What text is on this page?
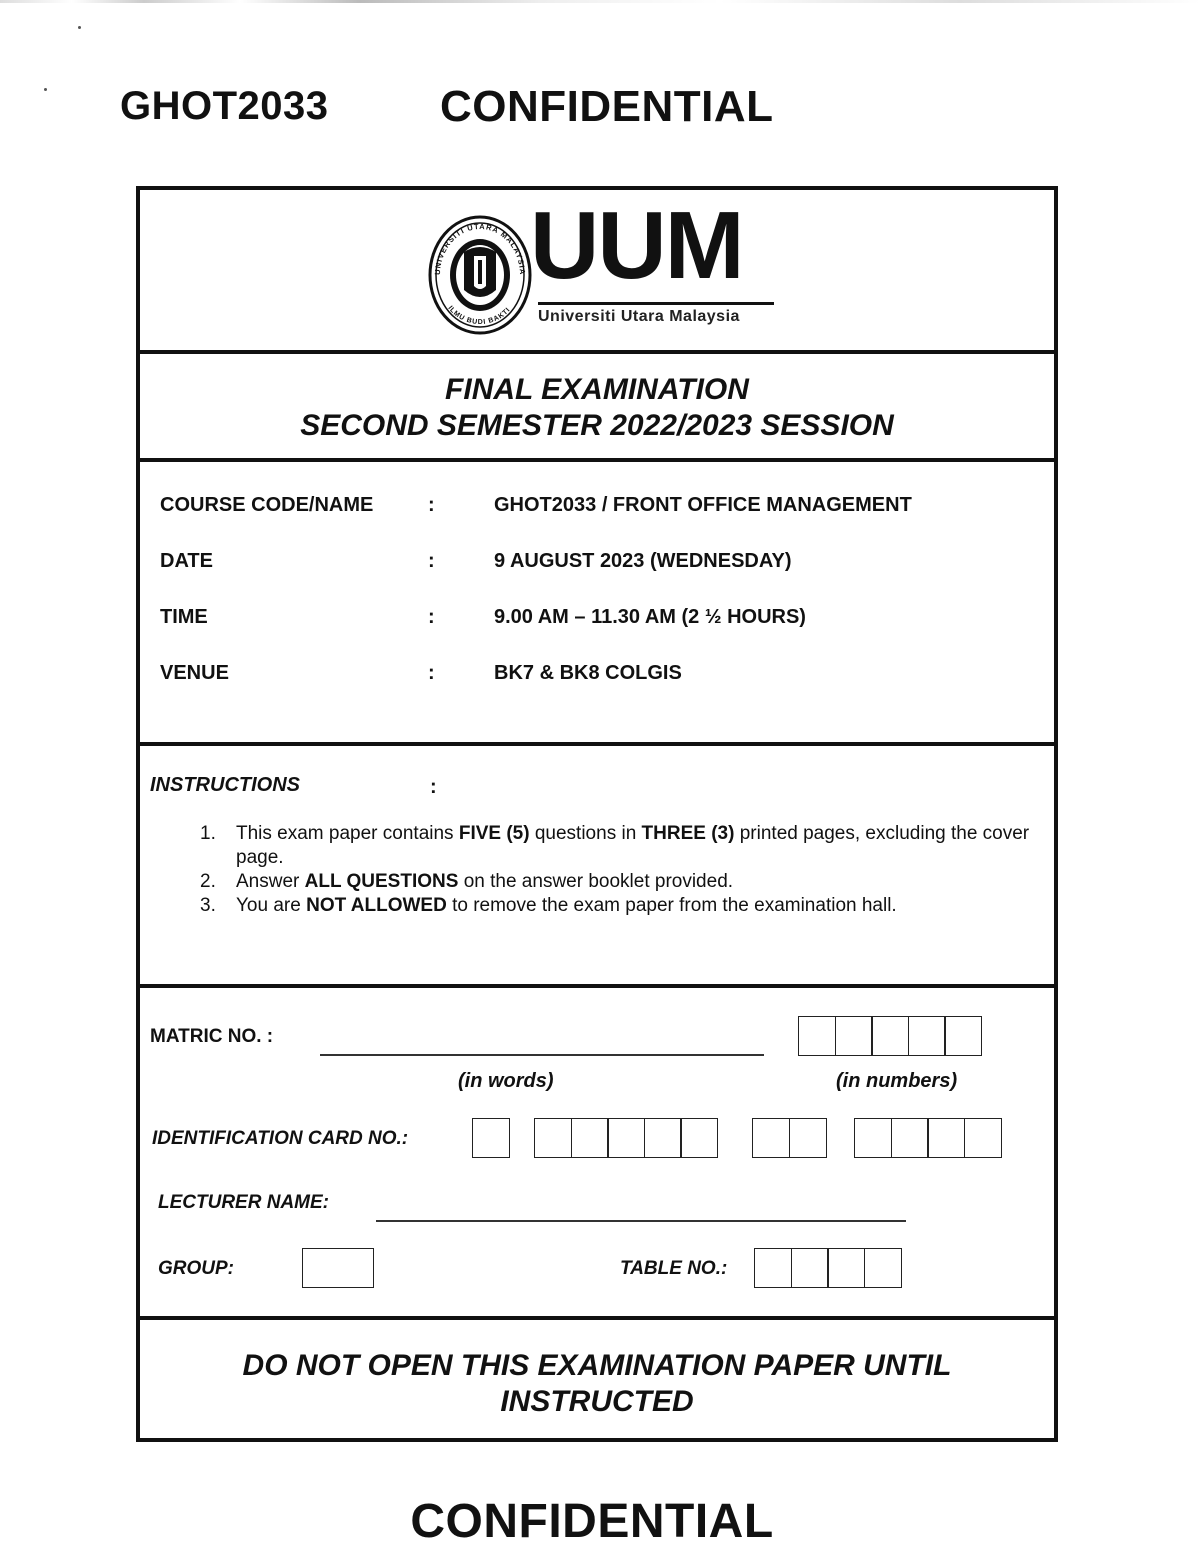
GHOT2033	CONFIDENTIAL
UNIVERSITI UTARA MALAYSIA
ILMU BUDI BAKTI
UUM
Universiti Utara Malaysia
FINAL EXAMINATION
SECOND SEMESTER 2022/2023 SESSION
COURSE CODE/NAME	:	GHOT2033 / FRONT OFFICE MANAGEMENT
DATE	:	9 AUGUST 2023 (WEDNESDAY)
TIME	:	9.00 AM – 11.30 AM (2 ½ HOURS)
VENUE	:	BK7 & BK8 COLGIS
INSTRUCTIONS	:
1. This exam paper contains FIVE (5) questions in THREE (3) printed pages, excluding the cover page.
2. Answer ALL QUESTIONS on the answer booklet provided.
3. You are NOT ALLOWED to remove the exam paper from the examination hall.
MATRIC NO. :
(in words)	(in numbers)
IDENTIFICATION CARD NO.:
LECTURER NAME:
GROUP:	TABLE NO.:
DO NOT OPEN THIS EXAMINATION PAPER UNTIL
INSTRUCTED
CONFIDENTIAL
